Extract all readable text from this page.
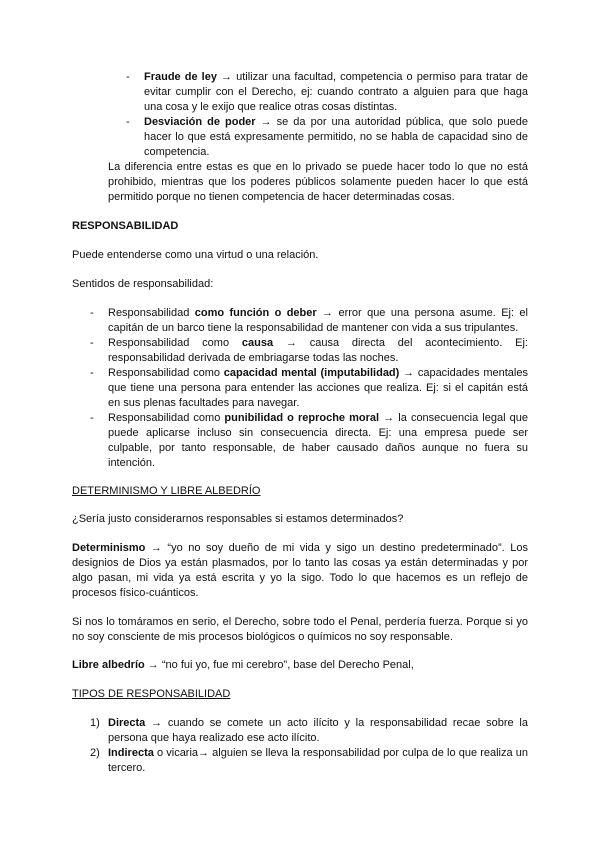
- Fraude de ley → utilizar una facultad, competencia o permiso para tratar de evitar cumplir con el Derecho, ej: cuando contrato a alguien para que haga una cosa y le exijo que realice otras cosas distintas.

- Desviación de poder → se da por una autoridad pública, que solo puede hacer lo que está expresamente permitido, no se habla de capacidad sino de competencia.

La diferencia entre estas es que en lo privado se puede hacer todo lo que no está prohibido, mientras que los poderes públicos solamente pueden hacer lo que está permitido porque no tienen competencia de hacer determinadas cosas.

RESPONSABILIDAD

Puede entenderse como una virtud o una relación.

Sentidos de responsabilidad:

- Responsabilidad como función o deber → error que una persona asume. Ej: el capitán de un barco tiene la responsabilidad de mantener con vida a sus tripulantes.

- Responsabilidad como causa → causa directa del acontecimiento. Ej: responsabilidad derivada de embriagarse todas las noches.

- Responsabilidad como capacidad mental (imputabilidad) → capacidades mentales que tiene una persona para entender las acciones que realiza. Ej: si el capitán está en sus plenas facultades para navegar.

- Responsabilidad como punibilidad o reproche moral → la consecuencia legal que puede aplicarse incluso sin consecuencia directa. Ej: una empresa puede ser culpable, por tanto responsable, de haber causado daños aunque no fuera su intención.

DETERMINISMO Y LIBRE ALBEDRÍO

¿Sería justo considerarnos responsables si estamos determinados?

Determinismo → “yo no soy dueño de mi vida y sigo un destino predeterminado”. Los designios de Dios ya están plasmados, por lo tanto las cosas ya están determinadas y por algo pasan, mi vida ya está escrita y yo la sigo. Todo lo que hacemos es un reflejo de procesos físico-cuánticos.

Si nos lo tomáramos en serio, el Derecho, sobre todo el Penal, perdería fuerza. Porque si yo no soy consciente de mis procesos biológicos o químicos no soy responsable.

Libre albedrío → “no fui yo, fue mi cerebro”, base del Derecho Penal,

TIPOS DE RESPONSABILIDAD

1) Directa → cuando se comete un acto ilícito y la responsabilidad recae sobre la persona que haya realizado ese acto ilícito.

2) Indirecta o vicaria→ alguien se lleva la responsabilidad por culpa de lo que realiza un tercero.
